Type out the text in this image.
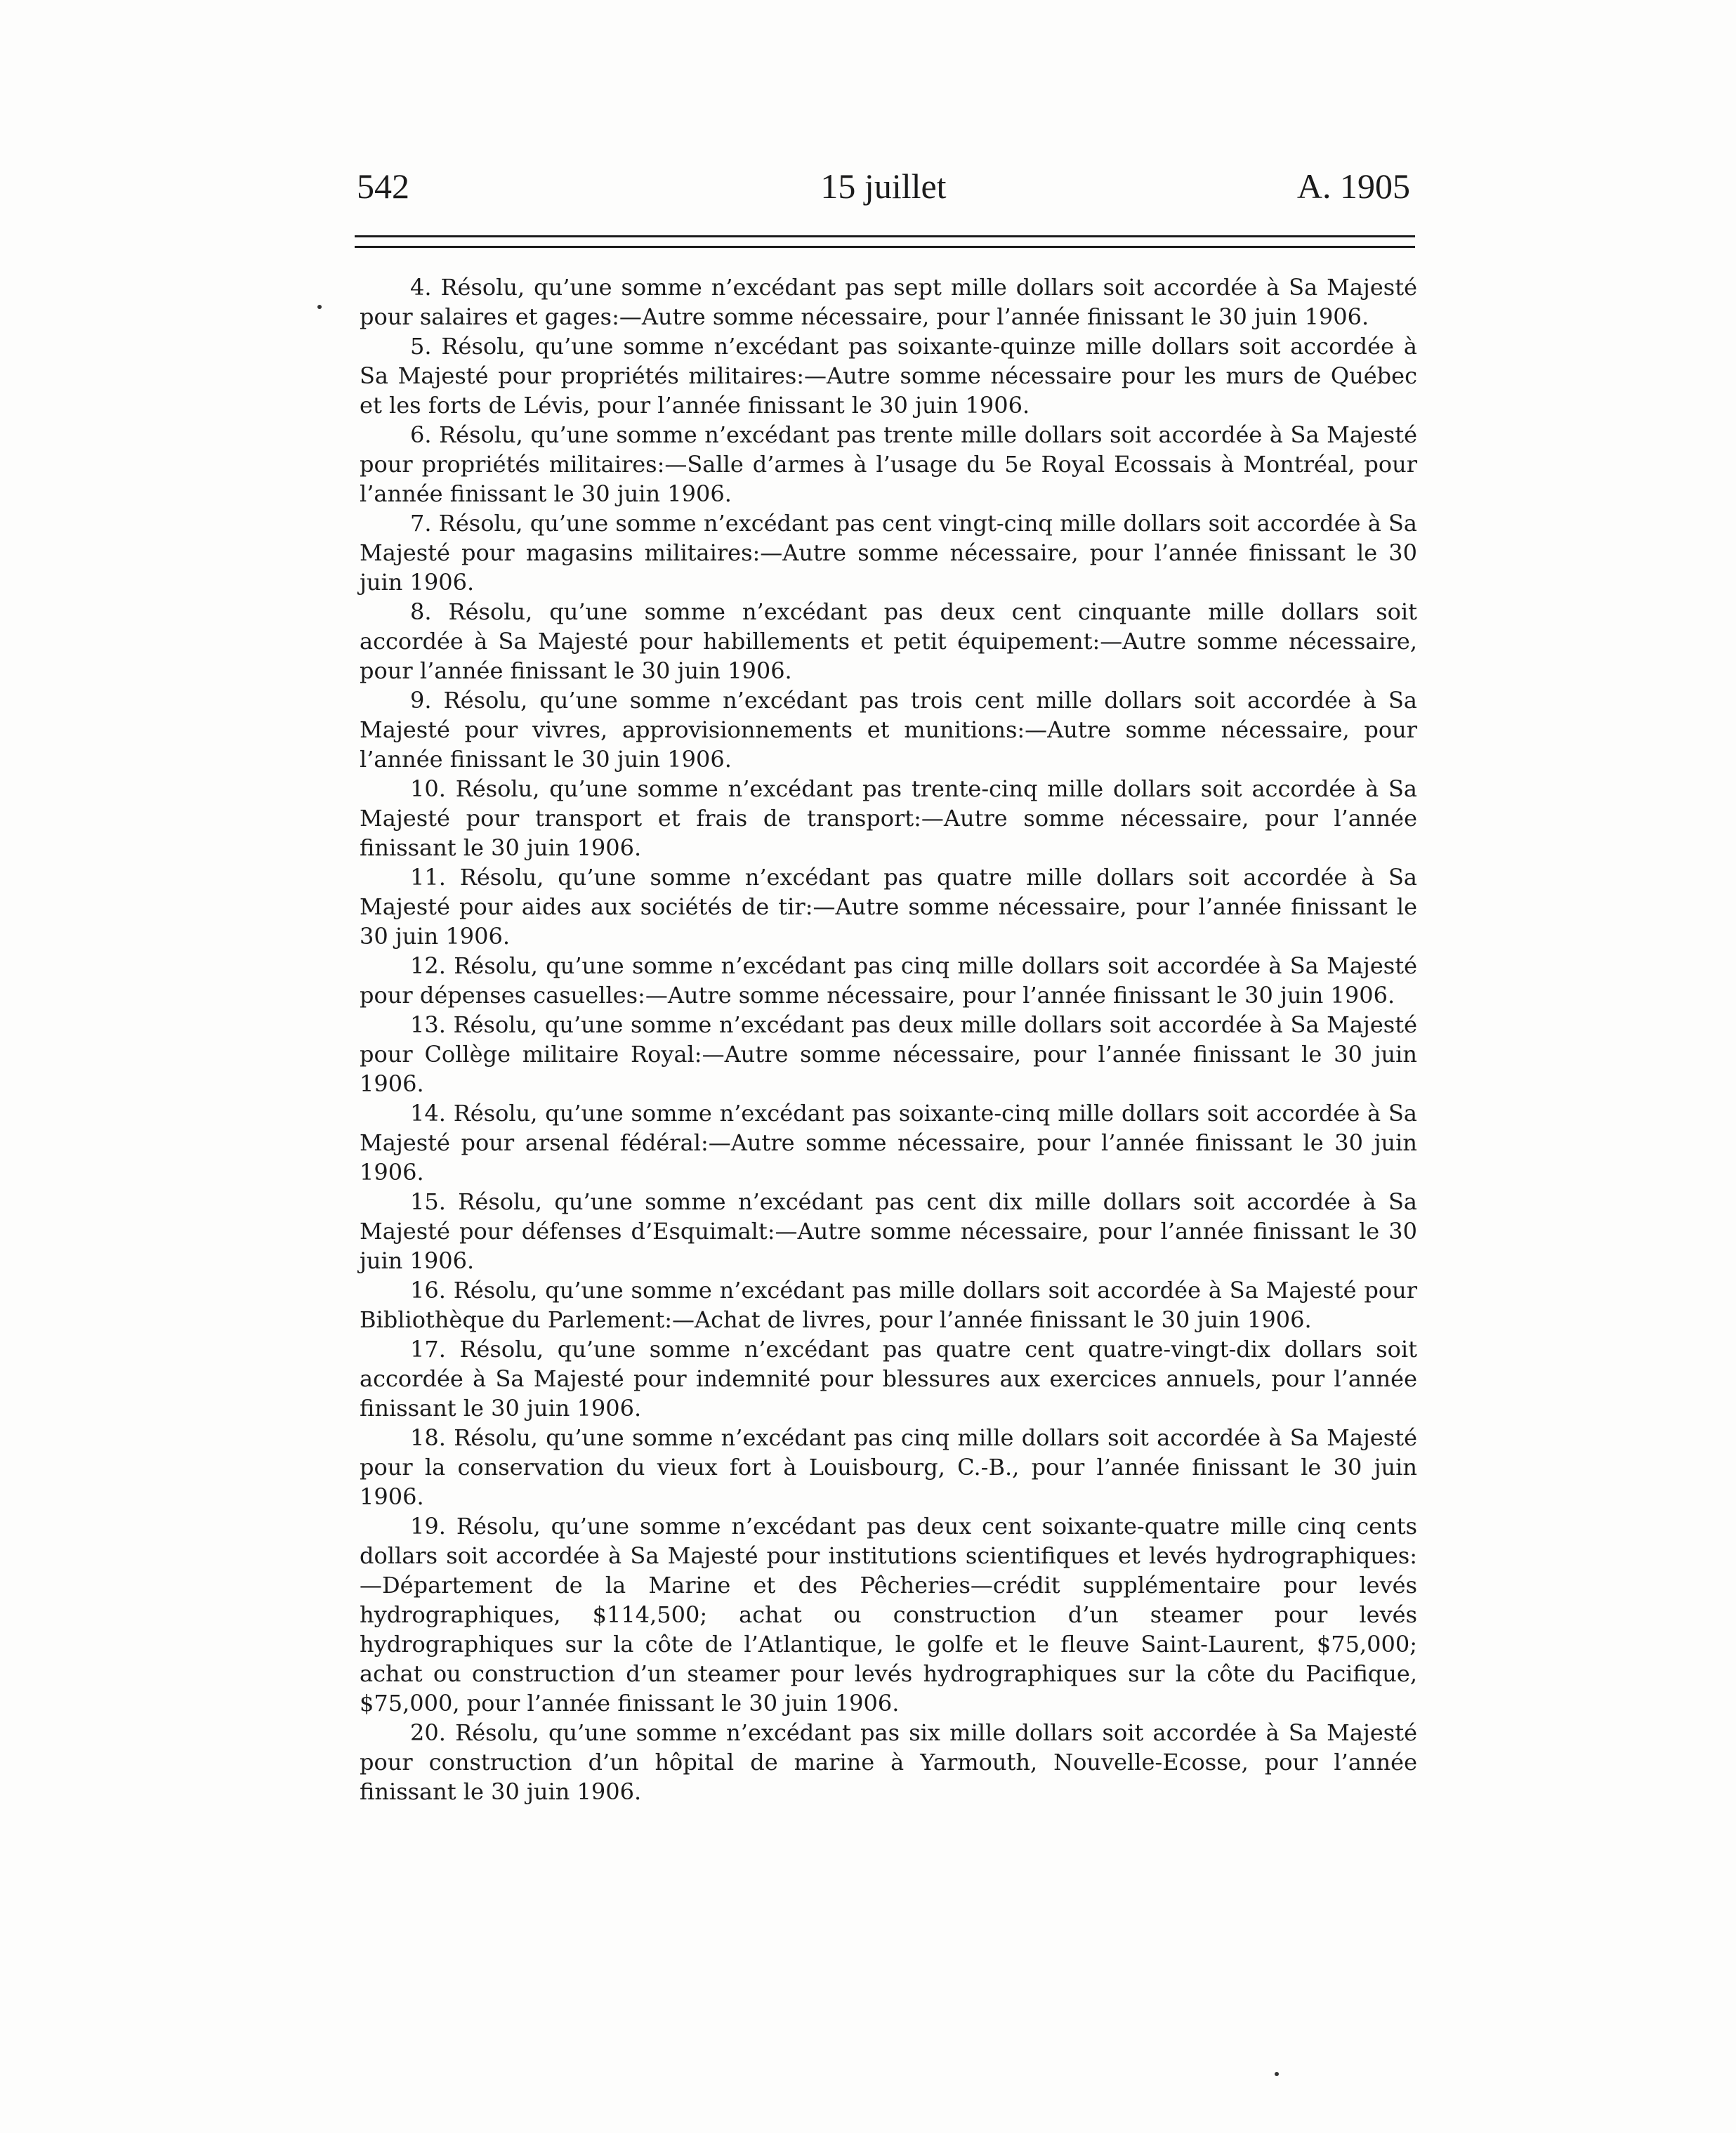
542	15 juillet	A. 1905

4. Résolu, qu’une somme n’excédant pas sept mille dollars soit accordée à Sa Majesté pour salaires et gages:—Autre somme nécessaire, pour l’année finissant le 30 juin 1906.

5. Résolu, qu’une somme n’excédant pas soixante-quinze mille dollars soit accordée à Sa Majesté pour propriétés militaires:—Autre somme nécessaire pour les murs de Québec et les forts de Lévis, pour l’année finissant le 30 juin 1906.

6. Résolu, qu’une somme n’excédant pas trente mille dollars soit accordée à Sa Majesté pour propriétés militaires:—Salle d’armes à l’usage du 5e Royal Ecossais à Montréal, pour l’année finissant le 30 juin 1906.

7. Résolu, qu’une somme n’excédant pas cent vingt-cinq mille dollars soit accordée à Sa Majesté pour magasins militaires:—Autre somme nécessaire, pour l’année finissant le 30 juin 1906.

8. Résolu, qu’une somme n’excédant pas deux cent cinquante mille dollars soit accordée à Sa Majesté pour habillements et petit équipement:—Autre somme nécessaire, pour l’année finissant le 30 juin 1906.

9. Résolu, qu’une somme n’excédant pas trois cent mille dollars soit accordée à Sa Majesté pour vivres, approvisionnements et munitions:—Autre somme nécessaire, pour l’année finissant le 30 juin 1906.

10. Résolu, qu’une somme n’excédant pas trente-cinq mille dollars soit accordée à Sa Majesté pour transport et frais de transport:—Autre somme nécessaire, pour l’année finissant le 30 juin 1906.

11. Résolu, qu’une somme n’excédant pas quatre mille dollars soit accordée à Sa Majesté pour aides aux sociétés de tir:—Autre somme nécessaire, pour l’année finissant le 30 juin 1906.

12. Résolu, qu’une somme n’excédant pas cinq mille dollars soit accordée à Sa Majesté pour dépenses casuelles:—Autre somme nécessaire, pour l’année finissant le 30 juin 1906.

13. Résolu, qu’une somme n’excédant pas deux mille dollars soit accordée à Sa Majesté pour Collège militaire Royal:—Autre somme nécessaire, pour l’année finissant le 30 juin 1906.

14. Résolu, qu’une somme n’excédant pas soixante-cinq mille dollars soit accordée à Sa Majesté pour arsenal fédéral:—Autre somme nécessaire, pour l’année finissant le 30 juin 1906.

15. Résolu, qu’une somme n’excédant pas cent dix mille dollars soit accordée à Sa Majesté pour défenses d’Esquimalt:—Autre somme nécessaire, pour l’année finissant le 30 juin 1906.

16. Résolu, qu’une somme n’excédant pas mille dollars soit accordée à Sa Majesté pour Bibliothèque du Parlement:—Achat de livres, pour l’année finissant le 30 juin 1906.

17. Résolu, qu’une somme n’excédant pas quatre cent quatre-vingt-dix dollars soit accordée à Sa Majesté pour indemnité pour blessures aux exercices annuels, pour l’année finissant le 30 juin 1906.

18. Résolu, qu’une somme n’excédant pas cinq mille dollars soit accordée à Sa Majesté pour la conservation du vieux fort à Louisbourg, C.-B., pour l’année finissant le 30 juin 1906.

19. Résolu, qu’une somme n’excédant pas deux cent soixante-quatre mille cinq cents dollars soit accordée à Sa Majesté pour institutions scientifiques et levés hydrographiques:—Département de la Marine et des Pêcheries—crédit supplémentaire pour levés hydrographiques, $114,500; achat ou construction d’un steamer pour levés hydrographiques sur la côte de l’Atlantique, le golfe et le fleuve Saint-Laurent, $75,000; achat ou construction d’un steamer pour levés hydrographiques sur la côte du Pacifique, $75,000, pour l’année finissant le 30 juin 1906.

20. Résolu, qu’une somme n’excédant pas six mille dollars soit accordée à Sa Majesté pour construction d’un hôpital de marine à Yarmouth, Nouvelle-Ecosse, pour l’année finissant le 30 juin 1906.
